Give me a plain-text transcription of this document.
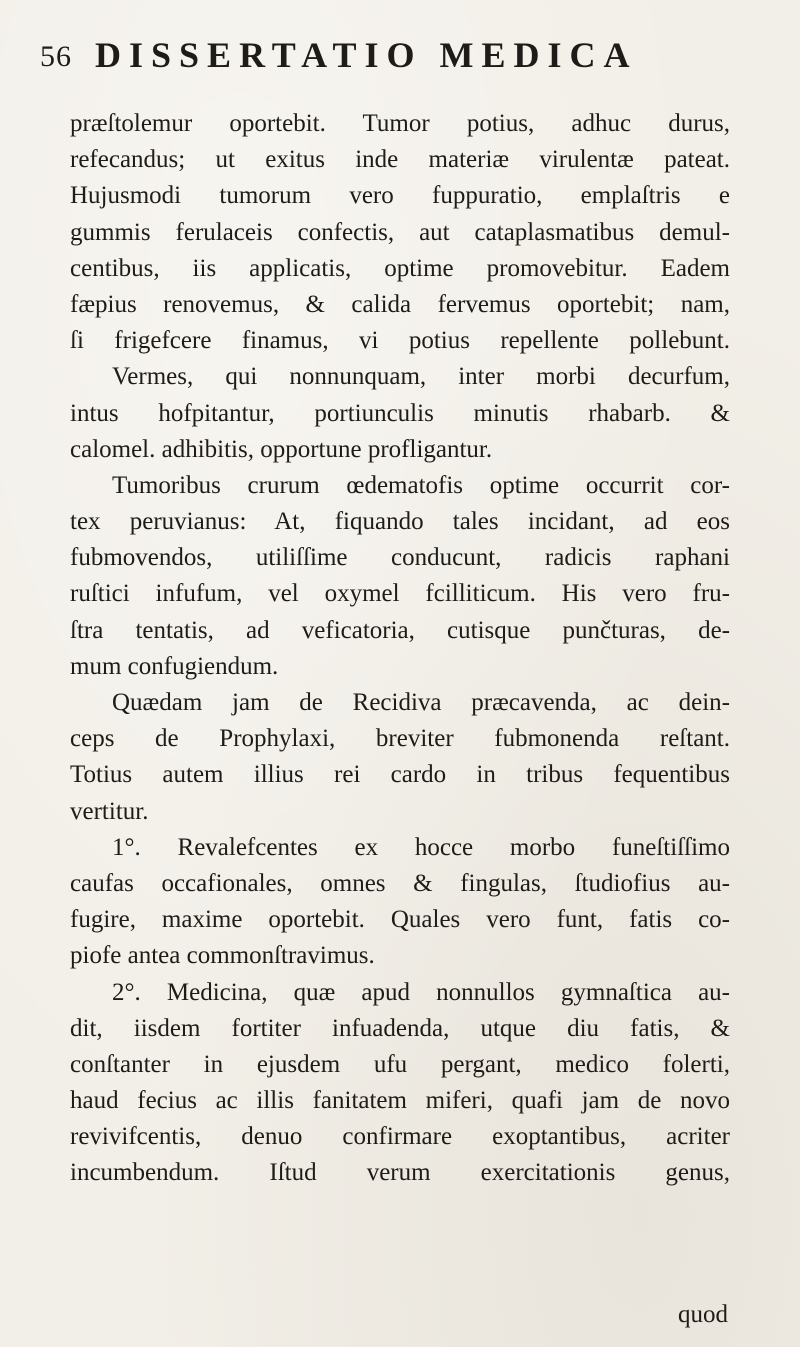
56 DISSERTATIO MEDICA
præſtolemur oportebit. Tumor potius, adhuc durus,
refecandus; ut exitus inde materiæ virulentæ pateat.
Hujusmodi tumorum vero fuppuratio, emplaſtris e
gummis ferulaceis confectis, aut cataplasmatibus demul-
centibus, iis applicatis, optime promovebitur. Eadem
fæpius renovemus, & calida fervemus oportebit; nam,
ſi frigefcere finamus, vi potius repellente pollebunt.
Vermes, qui nonnunquam, inter morbi decurfum,
intus hofpitantur, portiunculis minutis rhabarb. &
calomel. adhibitis, opportune profligantur.
Tumoribus crurum œdematofis optime occurrit cor-
tex peruvianus: At, fiquando tales incidant, ad eos
fubmovendos, utiliſſime conducunt, radicis raphani
ruſtici infufum, vel oxymel fcilliticum. His vero fru-
ſtra tentatis, ad veficatoria, cutisque punčturas, de-
mum confugiendum.
Quædam jam de Recidiva præcavenda, ac dein-
ceps de Prophylaxi, breviter fubmonenda reſtant.
Totius autem illius rei cardo in tribus fequentibus
vertitur.
1°. Revalefcentes ex hocce morbo funeſtiſſimo
caufas occafionales, omnes & fingulas, ſtudiofius au-
fugire, maxime oportebit. Quales vero funt, fatis co-
piofe antea commonſtravimus.
2°. Medicina, quæ apud nonnullos gymnaſtica au-
dit, iisdem fortiter infuadenda, utque diu fatis, &
conſtanter in ejusdem ufu pergant, medico folerti,
haud fecius ac illis fanitatem miferi, quafi jam de novo
revivifcentis, denuo confirmare exoptantibus, acriter
incumbendum. Iſtud verum exercitationis genus,
quod
